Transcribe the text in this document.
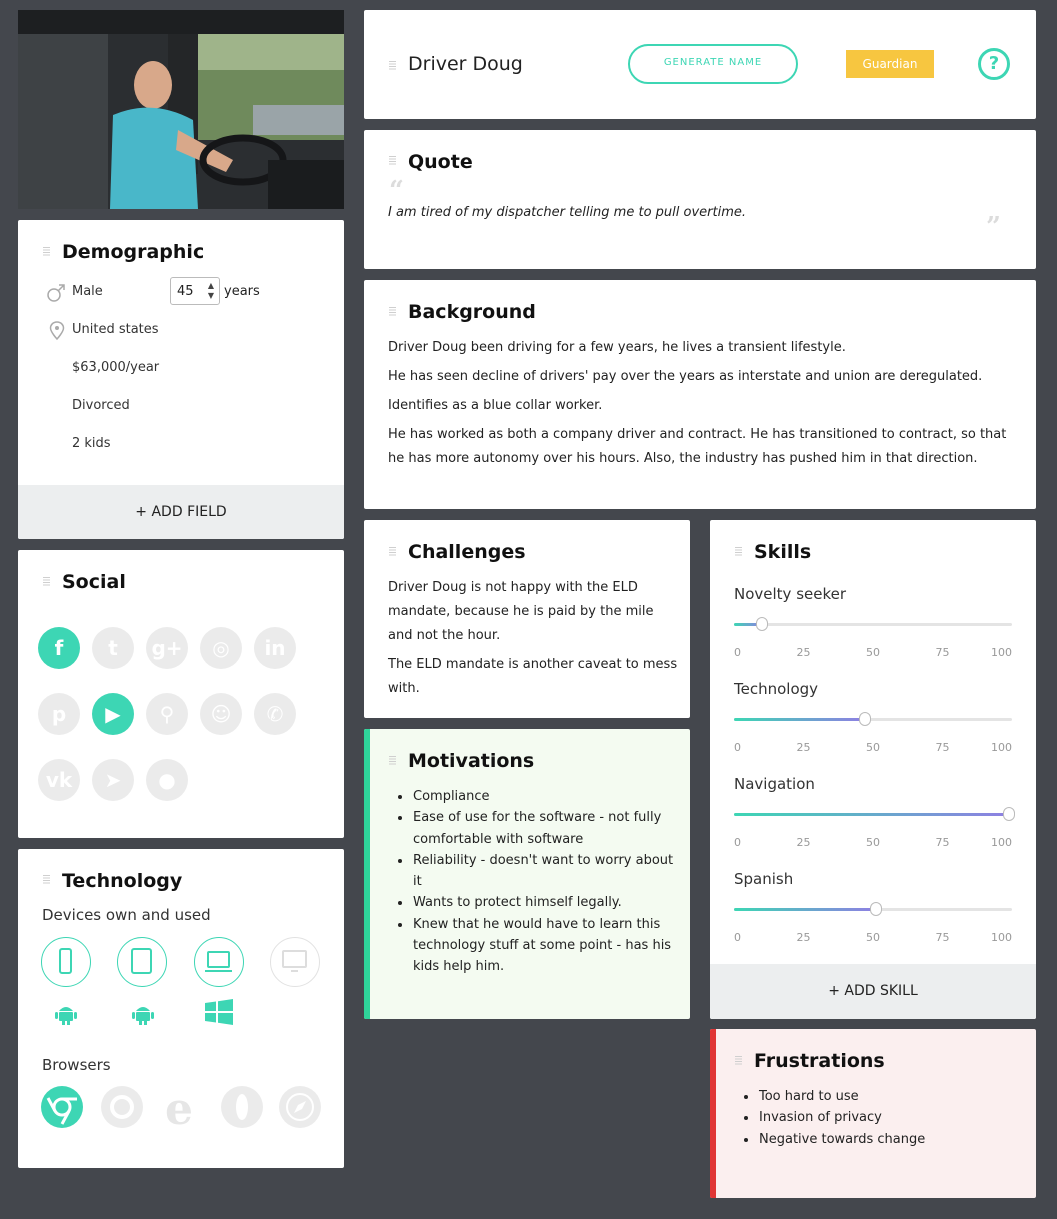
Driver Doug	GENERATE NAME	Guardian	?
Quote
“
I am tired of my dispatcher telling me to pull overtime.	”
Background
Driver Doug been driving for a few years, he lives a transient lifestyle.
He has seen decline of drivers' pay over the years as interstate and union are deregulated.
Identifies as a blue collar worker.
He has worked as both a company driver and contract. He has transitioned to contract, so that he has more autonomy over his hours. Also, the industry has pushed him in that direction.
Demographic
Male	45 ▲
▼ years
United states
$63,000/year
Divorced
2 kids
+ ADD FIELD
Social
f	t	g+	◎	in
p	▶	⚲	☺	✆
vk	➤	●
Technology
Devices own and used
Browsers
e
Challenges
Driver Doug is not happy with the ELD mandate, because he is paid by the mile and not the hour.
The ELD mandate is another caveat to mess with.
Motivations
Compliance
Ease of use for the software - not fully comfortable with software
Reliability - doesn't want to worry about it
Wants to protect himself legally.
Knew that he would have to learn this technology stuff at some point - has his kids help him.
Skills
Novelty seeker
0	25	50	75	100
Technology
0	25	50	75	100
Navigation
0	25	50	75	100
Spanish
0	25	50	75	100
+ ADD SKILL
Frustrations
Too hard to use
Invasion of privacy
Negative towards change
